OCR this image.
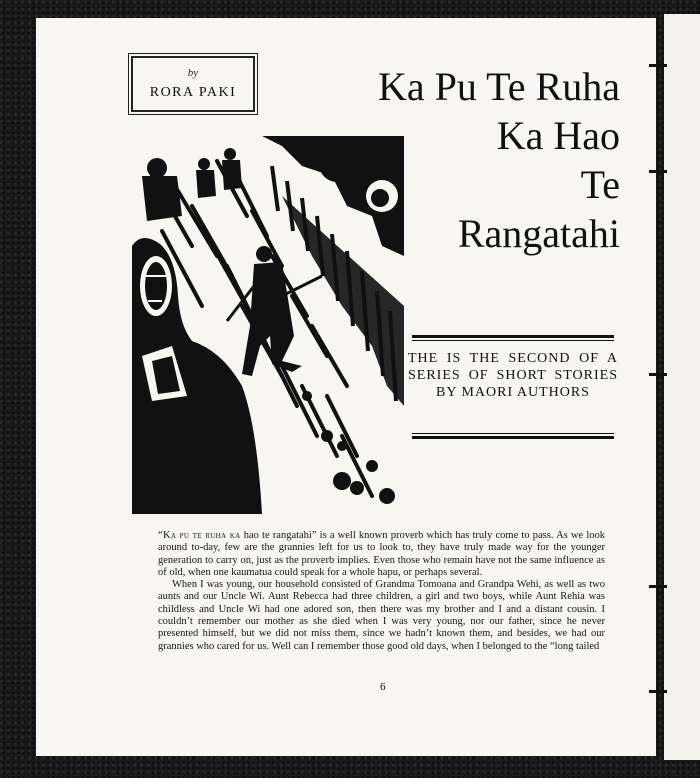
by
RORA PAKI	Ka Pu Te Ruha
Ka Hao
Te
Rangatahi

THE IS THE SECOND OF A SERIES OF SHORT STORIES BY MAORI AUTHORS

“Ka pu te ruha ka hao te rangatahi” is a well known proverb which has truly come to pass. As we look around to-day, few are the grannies left for us to look to, they have truly made way for the younger generation to carry on, just as the proverb implies. Even those who remain have not the same influence as of old, when one kaumatua could speak for a whole hapu, or perhaps several.

When I was young, our household consisted of Grandma Tomoana and Grandpa Wehi, as well as two aunts and our Uncle Wi. Aunt Rebecca had three children, a girl and two boys, while Aunt Rehia was childless and Uncle Wi had one adored son, then there was my brother and I and a distant cousin. I couldn’t remember our mother as she died when I was very young, nor our father, since he never presented himself, but we did not miss them, since we hadn’t known them, and besides, we had our grannies who cared for us. Well can I remember those good old days, when I belonged to the “long tailed

6
